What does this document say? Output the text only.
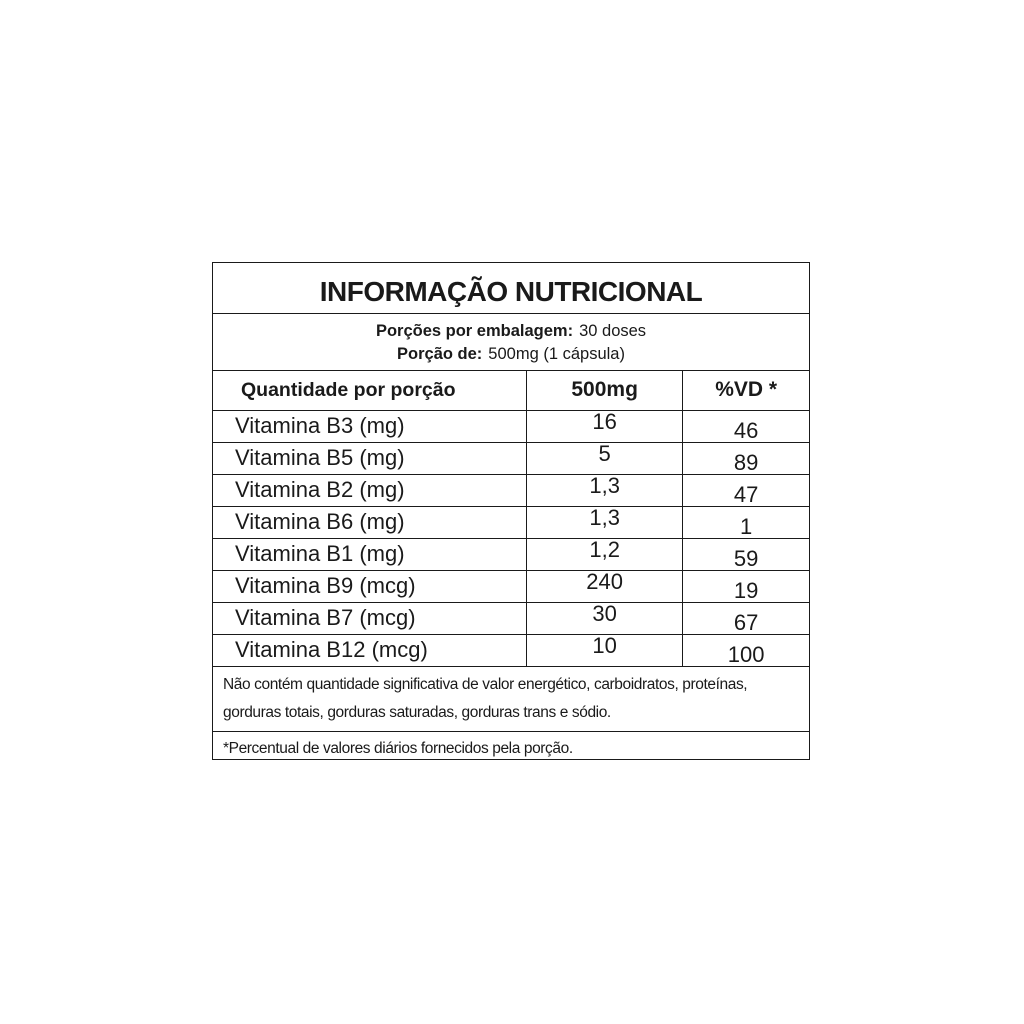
INFORMAÇÃO NUTRICIONAL
Porções por embalagem: 30 doses
Porção de: 500mg (1 cápsula)
Quantidade por porção	500mg	%VD *
Vitamina B3 (mg)	16	46
Vitamina B5 (mg)	5	89
Vitamina B2 (mg)	1,3	47
Vitamina B6 (mg)	1,3	1
Vitamina B1 (mg)	1,2	59
Vitamina B9 (mcg)	240	19
Vitamina B7 (mcg)	30	67
Vitamina B12 (mcg)	10	100
Não contém quantidade significativa de valor energético, carboidratos, proteínas,
gorduras totais, gorduras saturadas, gorduras trans e sódio.
*Percentual de valores diários fornecidos pela porção.
